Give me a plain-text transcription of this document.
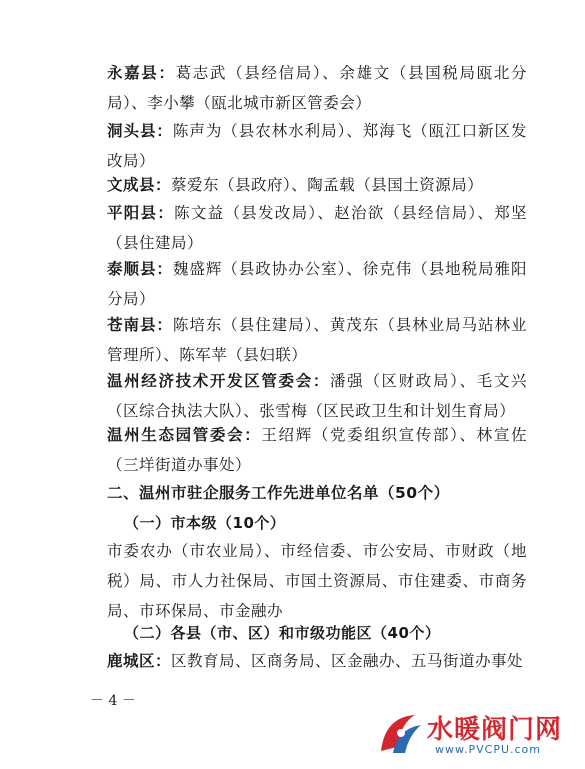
永嘉县：葛志武（县经信局）、余雄文（县国税局瓯北分局）、李小攀（瓯北城市新区管委会）
洞头县：陈声为（县农林水利局）、郑海飞（瓯江口新区发改局）
文成县：蔡爱东（县政府）、陶孟载（县国土资源局）
平阳县：陈文益（县发改局）、赵治欲（县经信局）、郑坚（县住建局）
泰顺县：魏盛辉（县政协办公室）、徐克伟（县地税局雅阳分局）
苍南县：陈培东（县住建局）、黄茂东（县林业局马站林业管理所）、陈军苹（县妇联）
温州经济技术开发区管委会：潘强（区财政局）、毛文兴（区综合执法大队）、张雪梅（区民政卫生和计划生育局）
温州生态园管委会：王绍辉（党委组织宣传部）、林宣佐（三垟街道办事处）
二、温州市驻企服务工作先进单位名单（50个）
（一）市本级（10个）
市委农办（市农业局）、市经信委、市公安局、市财政（地税）局、市人力社保局、市国土资源局、市住建委、市商务局、市环保局、市金融办
（二）各县（市、区）和市级功能区（40个）
鹿城区：区教育局、区商务局、区金融办、五马街道办事处
－ 4 －
水暖阀门网
www.PVCPU.com
